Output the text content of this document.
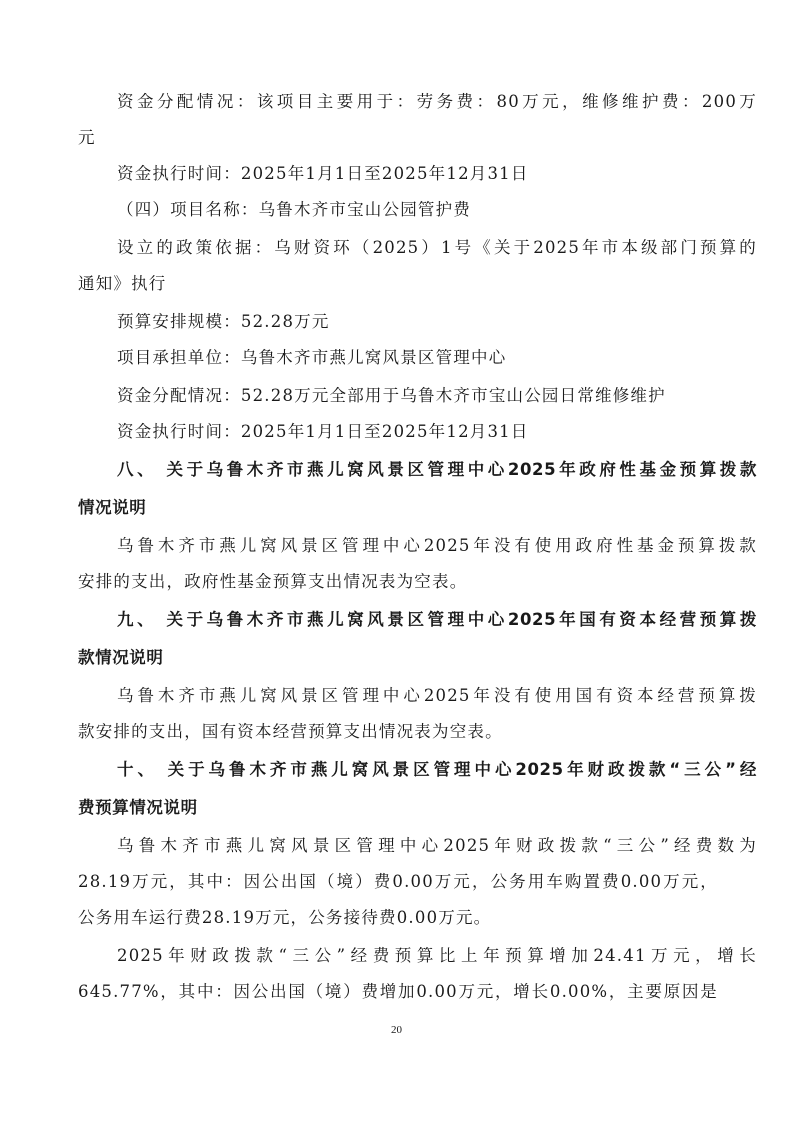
资金分配情况：该项目主要用于：劳务费：80万元，维修维护费：200万
元
资金执行时间：2025年1月1日至2025年12月31日
（四）项目名称：乌鲁木齐市宝山公园管护费
设立的政策依据：乌财资环（2025）1号《关于2025年市本级部门预算的
通知》执行
预算安排规模：52.28万元
项目承担单位：乌鲁木齐市燕儿窝风景区管理中心
资金分配情况：52.28万元全部用于乌鲁木齐市宝山公园日常维修维护
资金执行时间：2025年1月1日至2025年12月31日
八、 关于乌鲁木齐市燕儿窝风景区管理中心2025年政府性基金预算拨款
情况说明
乌鲁木齐市燕儿窝风景区管理中心2025年没有使用政府性基金预算拨款
安排的支出，政府性基金预算支出情况表为空表。
九、 关于乌鲁木齐市燕儿窝风景区管理中心2025年国有资本经营预算拨
款情况说明
乌鲁木齐市燕儿窝风景区管理中心2025年没有使用国有资本经营预算拨
款安排的支出，国有资本经营预算支出情况表为空表。
十、 关于乌鲁木齐市燕儿窝风景区管理中心2025年财政拨款“三公”经
费预算情况说明
乌鲁木齐市燕儿窝风景区管理中心2025年财政拨款“三公”经费数为
28.19万元，其中：因公出国（境）费0.00万元，公务用车购置费0.00万元，
公务用车运行费28.19万元，公务接待费0.00万元。
2025年财政拨款“三公”经费预算比上年预算增加24.41万元，增长
645.77%，其中：因公出国（境）费增加0.00万元，增长0.00%，主要原因是
20
